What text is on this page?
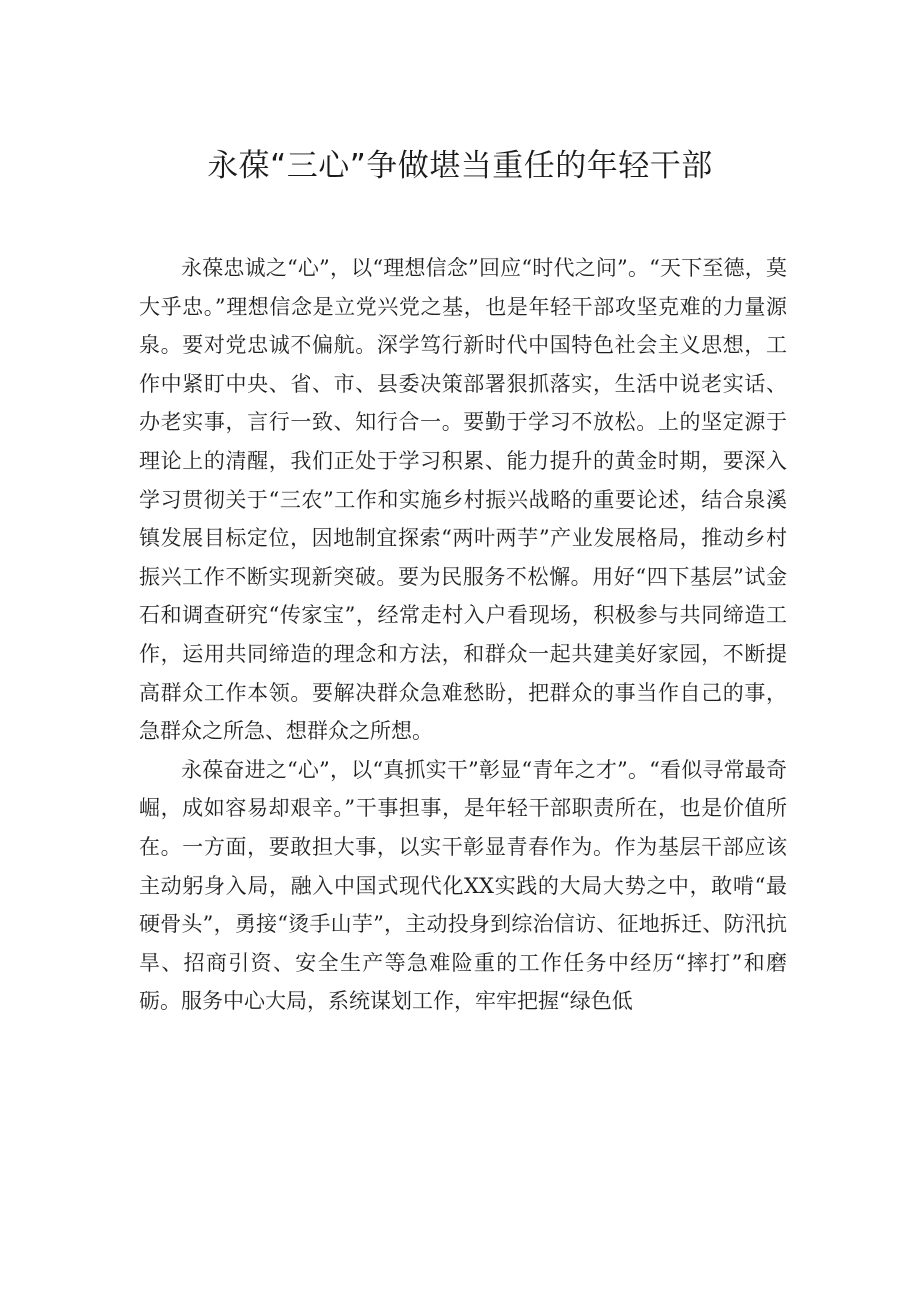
永葆“三心”争做堪当重任的年轻干部

永葆忠诚之“心”，以“理想信念”回应“时代之问”。“天下至德，莫大乎忠。”理想信念是立党兴党之基，也是年轻干部攻坚克难的力量源泉。要对党忠诚不偏航。深学笃行新时代中国特色社会主义思想，工作中紧盯中央、省、市、县委决策部署狠抓落实，生活中说老实话、办老实事，言行一致、知行合一。要勤于学习不放松。上的坚定源于理论上的清醒，我们正处于学习积累、能力提升的黄金时期，要深入学习贯彻关于“三农”工作和实施乡村振兴战略的重要论述，结合泉溪镇发展目标定位，因地制宜探索“两叶两芋”产业发展格局，推动乡村振兴工作不断实现新突破。要为民服务不松懈。用好“四下基层”试金石和调查研究“传家宝”，经常走村入户看现场，积极参与共同缔造工作，运用共同缔造的理念和方法，和群众一起共建美好家园，不断提高群众工作本领。要解决群众急难愁盼，把群众的事当作自己的事，急群众之所急、想群众之所想。

永葆奋进之“心”，以“真抓实干”彰显“青年之才”。“看似寻常最奇崛，成如容易却艰辛。”干事担事，是年轻干部职责所在，也是价值所在。一方面，要敢担大事，以实干彰显青春作为。作为基层干部应该主动躬身入局，融入中国式现代化XX实践的大局大势之中，敢啃“最硬骨头”，勇接“烫手山芋”，主动投身到综治信访、征地拆迁、防汛抗旱、招商引资、安全生产等急难险重的工作任务中经历“摔打”和磨砺。服务中心大局，系统谋划工作，牢牢把握“绿色低
